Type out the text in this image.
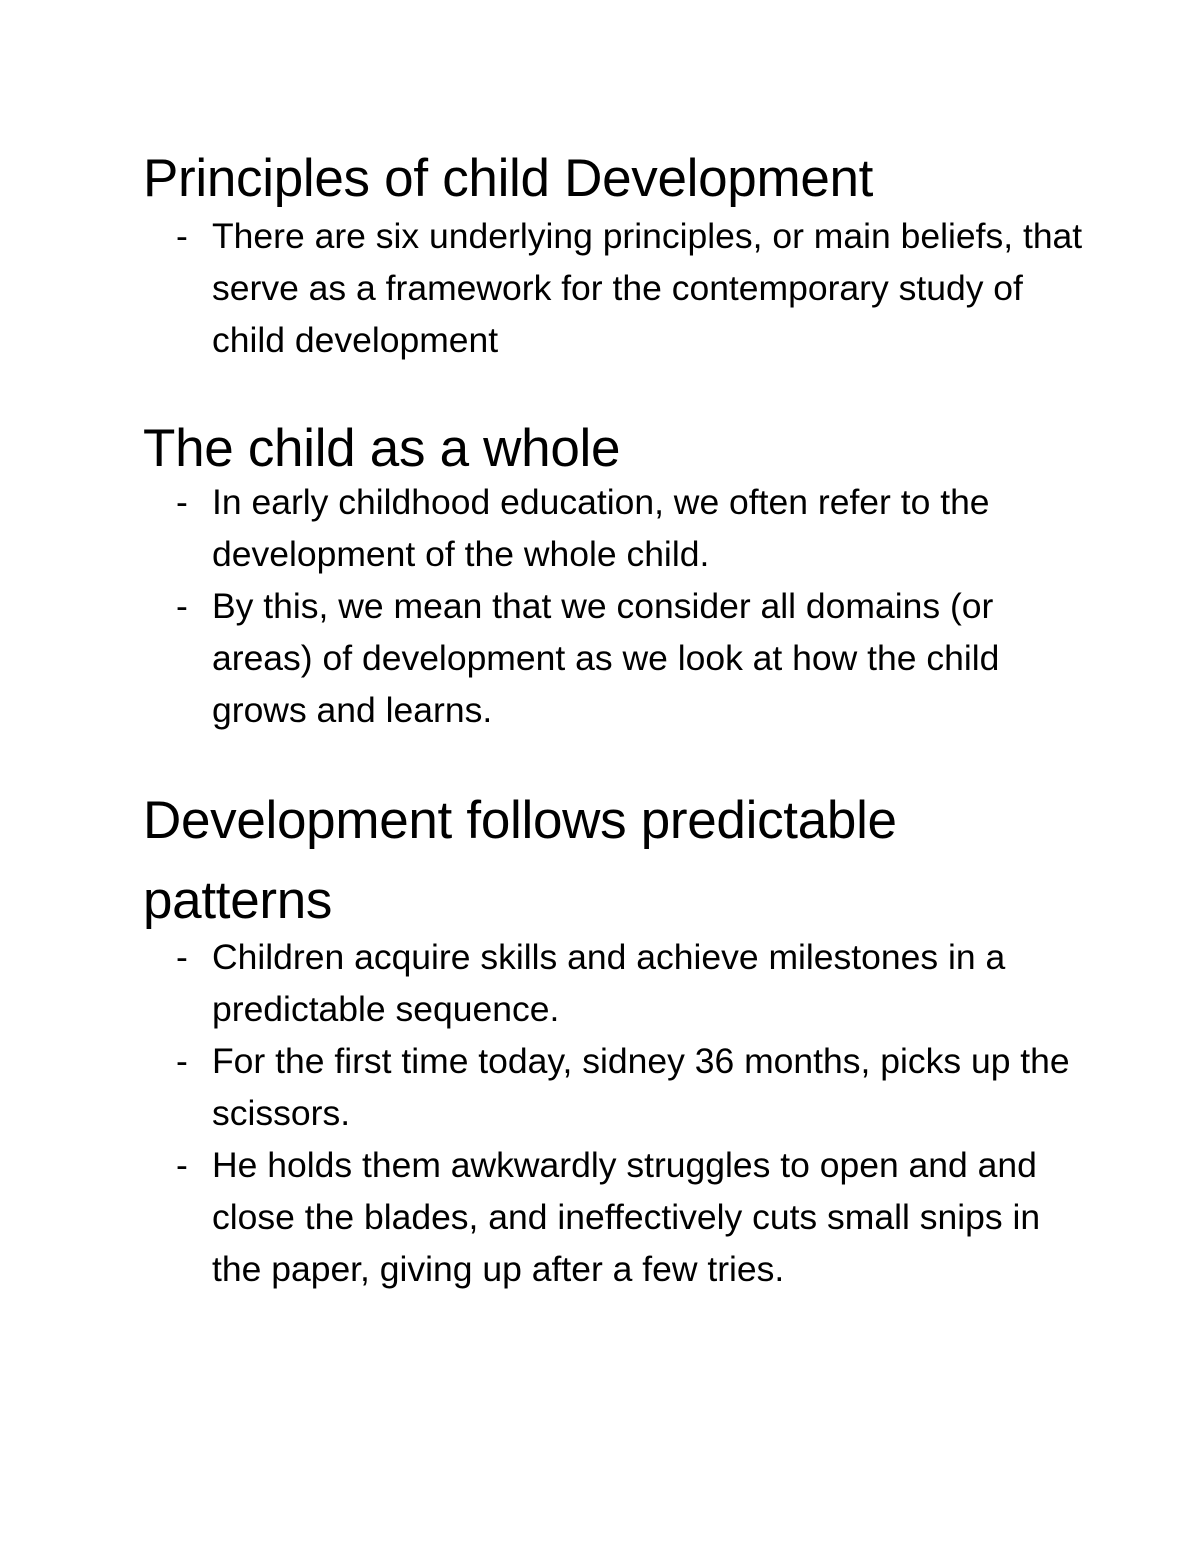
Principles of child Development
- There are six underlying principles, or main beliefs, that serve as a framework for the contemporary study of child development
The child as a whole
- In early childhood education, we often refer to the development of the whole child.
- By this, we mean that we consider all domains (or areas) of development as we look at how the child grows and learns.
Development follows predictable patterns
- Children acquire skills and achieve milestones in a predictable sequence.
- For the first time today, sidney 36 months, picks up the scissors.
- He holds them awkwardly struggles to open and and close the blades, and ineffectively cuts small snips in the paper, giving up after a few tries.
